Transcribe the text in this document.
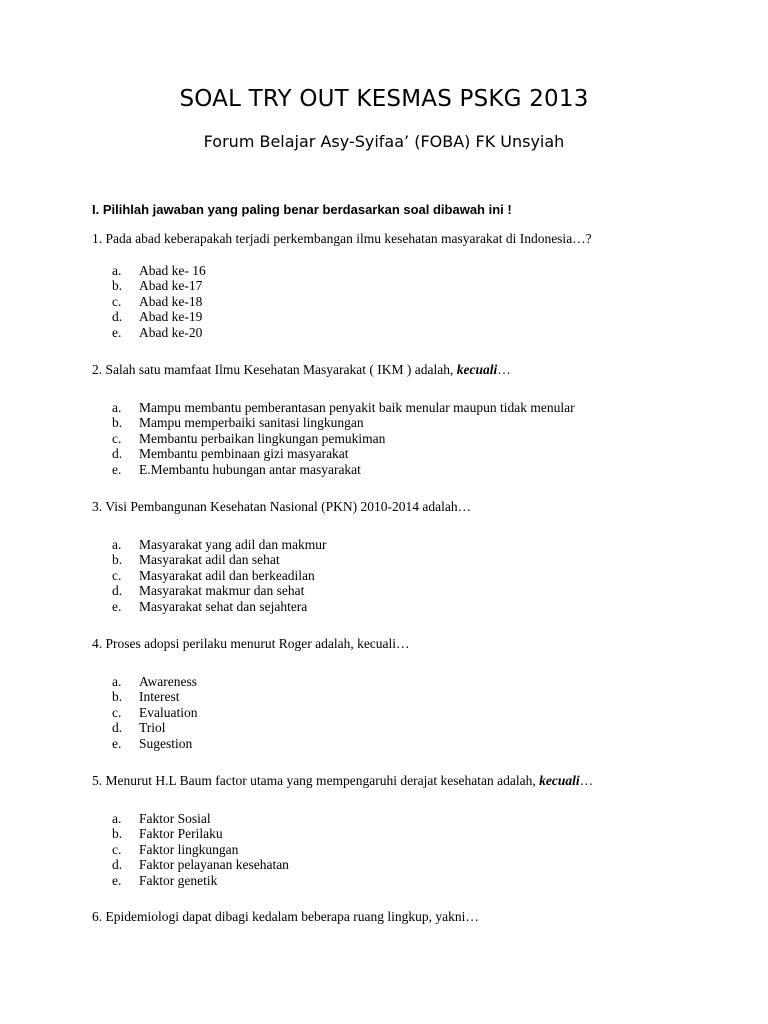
SOAL TRY OUT KESMAS PSKG 2013
Forum Belajar Asy-Syifaa’ (FOBA) FK Unsyiah

I. Pilihlah jawaban yang paling benar berdasarkan soal dibawah ini !

1. Pada abad keberapakah terjadi perkembangan ilmu kesehatan masyarakat di Indonesia…?

a. Abad ke- 16
b. Abad ke-17
c. Abad ke-18
d. Abad ke-19
e. Abad ke-20

2. Salah satu mamfaat Ilmu Kesehatan Masyarakat ( IKM ) adalah, kecuali…

a. Mampu membantu pemberantasan penyakit baik menular maupun tidak menular
b. Mampu memperbaiki sanitasi lingkungan
c. Membantu perbaikan lingkungan pemukiman
d. Membantu pembinaan gizi masyarakat
e. E.Membantu hubungan antar masyarakat

3. Visi Pembangunan Kesehatan Nasional (PKN) 2010-2014 adalah…

a. Masyarakat yang adil dan makmur
b. Masyarakat adil dan sehat
c. Masyarakat adil dan berkeadilan
d. Masyarakat makmur dan sehat
e. Masyarakat sehat dan sejahtera

4. Proses adopsi perilaku menurut Roger adalah, kecuali…

a. Awareness
b. Interest
c. Evaluation
d. Triol
e. Sugestion

5. Menurut H.L Baum factor utama yang mempengaruhi derajat kesehatan adalah, kecuali…

a. Faktor Sosial
b. Faktor Perilaku
c. Faktor lingkungan
d. Faktor pelayanan kesehatan
e. Faktor genetik

6. Epidemiologi dapat dibagi kedalam beberapa ruang lingkup, yakni…
